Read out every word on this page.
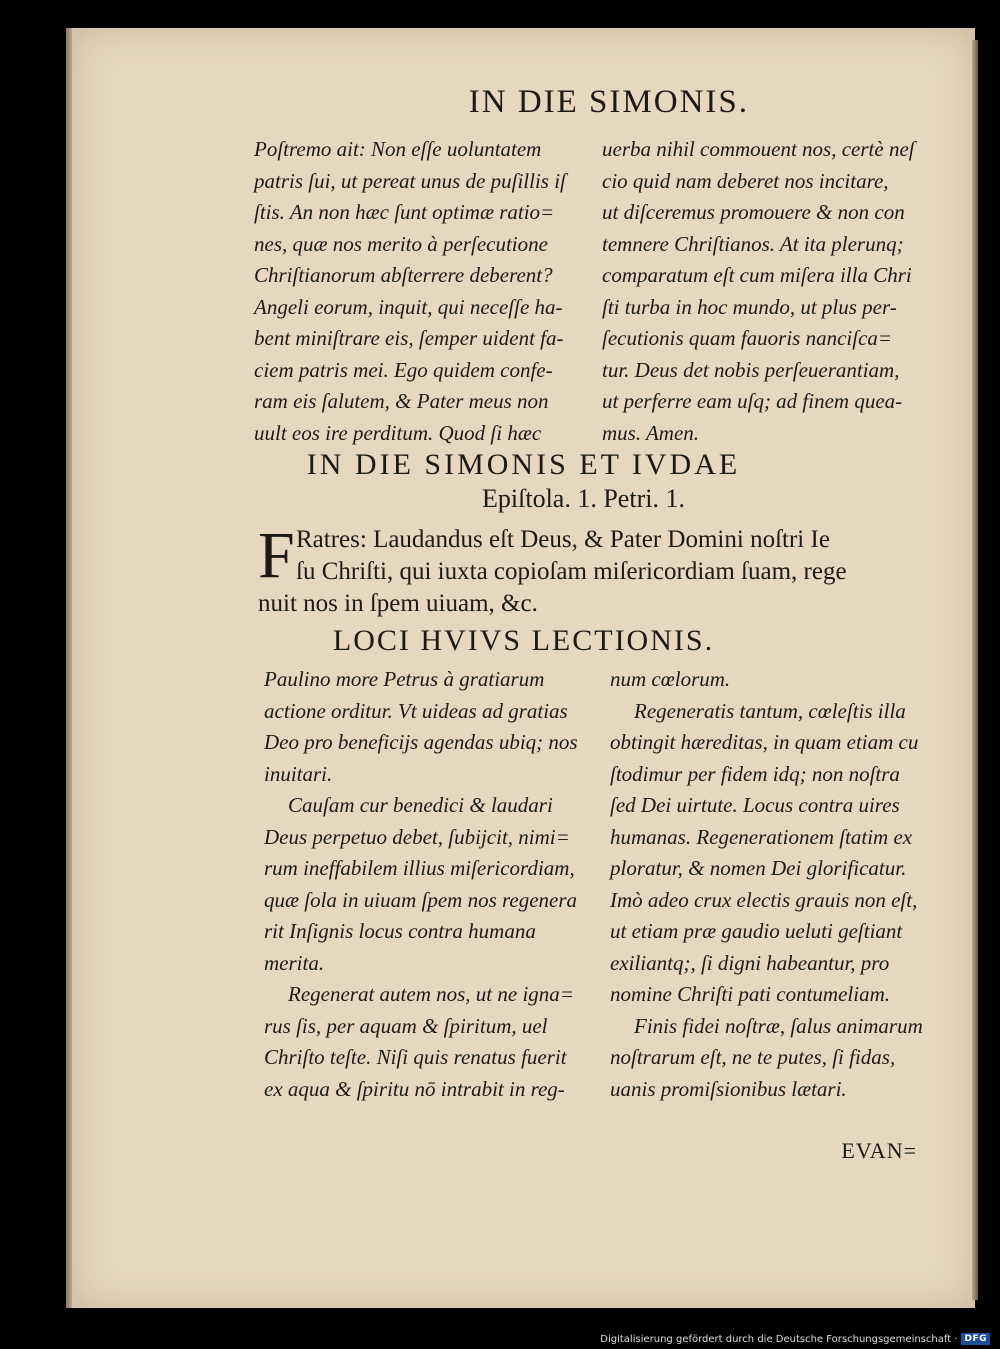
IN DIE SIMONIS.
Poſtremo ait: Non eſſe uoluntatem
patris ſui, ut pereat unus de puſillis iſ
ſtis. An non hæc ſunt optimæ ratio=
nes, quæ nos merito à perſecutione
Chriſtianorum abſterrere deberent?
Angeli eorum, inquit, qui neceſſe ha-
bent miniſtrare eis, ſemper uident fa-
ciem patris mei. Ego quidem confe-
ram eis ſalutem, & Pater meus non
uult eos ire perditum. Quod ſi hæc
uerba nihil commouent nos, certè neſ
cio quid nam deberet nos incitare,
ut diſceremus promouere & non con
temnere Chriſtianos. At ita plerunq;
comparatum eſt cum miſera illa Chri
ſti turba in hoc mundo, ut plus per-
ſecutionis quam fauoris nanciſca=
tur. Deus det nobis perſeuerantiam,
ut perferre eam uſq; ad finem quea-
mus. Amen.
IN DIE SIMONIS ET IVDAE
Epiſtola. 1. Petri. 1.
F Ratres: Laudandus eſt Deus, & Pater Domini noſtri Ie
ſu Chriſti, qui iuxta copioſam miſericordiam ſuam, rege
nuit nos in ſpem uiuam, &c.
LOCI HVIVS LECTIONIS.
Paulino more Petrus à gratiarum
actione orditur. Vt uideas ad gratias
Deo pro beneficijs agendas ubiq; nos
inuitari.
Cauſam cur benedici & laudari
Deus perpetuo debet, ſubijcit, nimi=
rum ineffabilem illius miſericordiam,
quæ ſola in uiuam ſpem nos regenera
rit Inſignis locus contra humana
merita.
Regenerat autem nos, ut ne igna=
rus ſis, per aquam & ſpiritum, uel
Chriſto teſte. Niſi quis renatus fuerit
ex aqua & ſpiritu nō intrabit in reg-
num cœlorum.
Regeneratis tantum, cœleſtis illa
obtingit hæreditas, in quam etiam cu
ſtodimur per fidem idq; non noſtra
ſed Dei uirtute. Locus contra uires
humanas. Regenerationem ſtatim ex
ploratur, & nomen Dei glorificatur.
Imò adeo crux electis grauis non eſt,
ut etiam præ gaudio ueluti geſtiant
exiliantq;, ſi digni habeantur, pro
nomine Chriſti pati contumeliam.
Finis fidei noſtræ, ſalus animarum
noſtrarum eſt, ne te putes, ſi fidas,
uanis promiſsionibus lætari.
EVAN=
Digitalisierung gefördert durch die Deutsche Forschungsgemeinschaft · DFG
